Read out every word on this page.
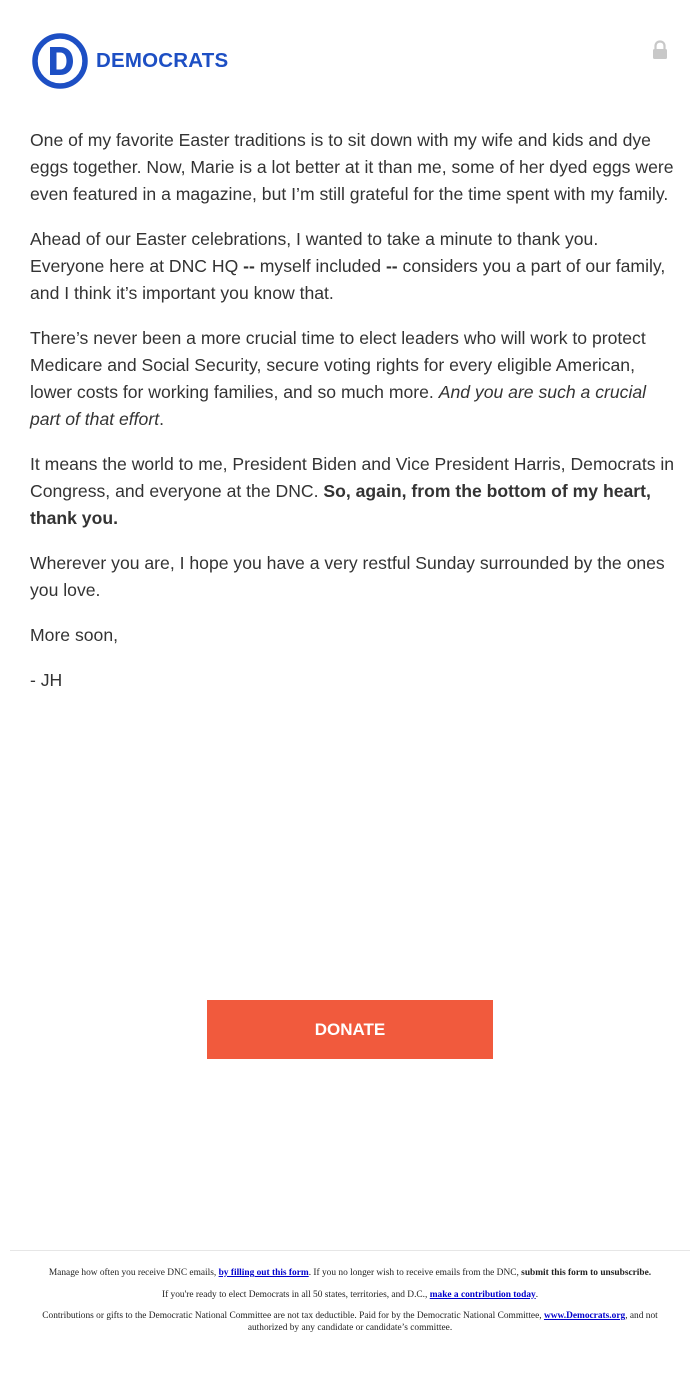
DEMOCRATS

One of my favorite Easter traditions is to sit down with my wife and kids and dye eggs together. Now, Marie is a lot better at it than me, some of her dyed eggs were even featured in a magazine, but I’m still grateful for the time spent with my family.

Ahead of our Easter celebrations, I wanted to take a minute to thank you. Everyone here at DNC HQ -- myself included -- considers you a part of our family, and I think it’s important you know that.

There’s never been a more crucial time to elect leaders who will work to protect Medicare and Social Security, secure voting rights for every eligible American, lower costs for working families, and so much more. And you are such a crucial part of that effort.

It means the world to me, President Biden and Vice President Harris, Democrats in Congress, and everyone at the DNC. So, again, from the bottom of my heart, thank you.

Wherever you are, I hope you have a very restful Sunday surrounded by the ones you love.

More soon,

- JH

DONATE

Manage how often you receive DNC emails, by filling out this form. If you no longer wish to receive emails from the DNC, submit this form to unsubscribe.

If you're ready to elect Democrats in all 50 states, territories, and D.C., make a contribution today.

Contributions or gifts to the Democratic National Committee are not tax deductible. Paid for by the Democratic National Committee, www.Democrats.org, and not authorized by any candidate or candidate’s committee.
